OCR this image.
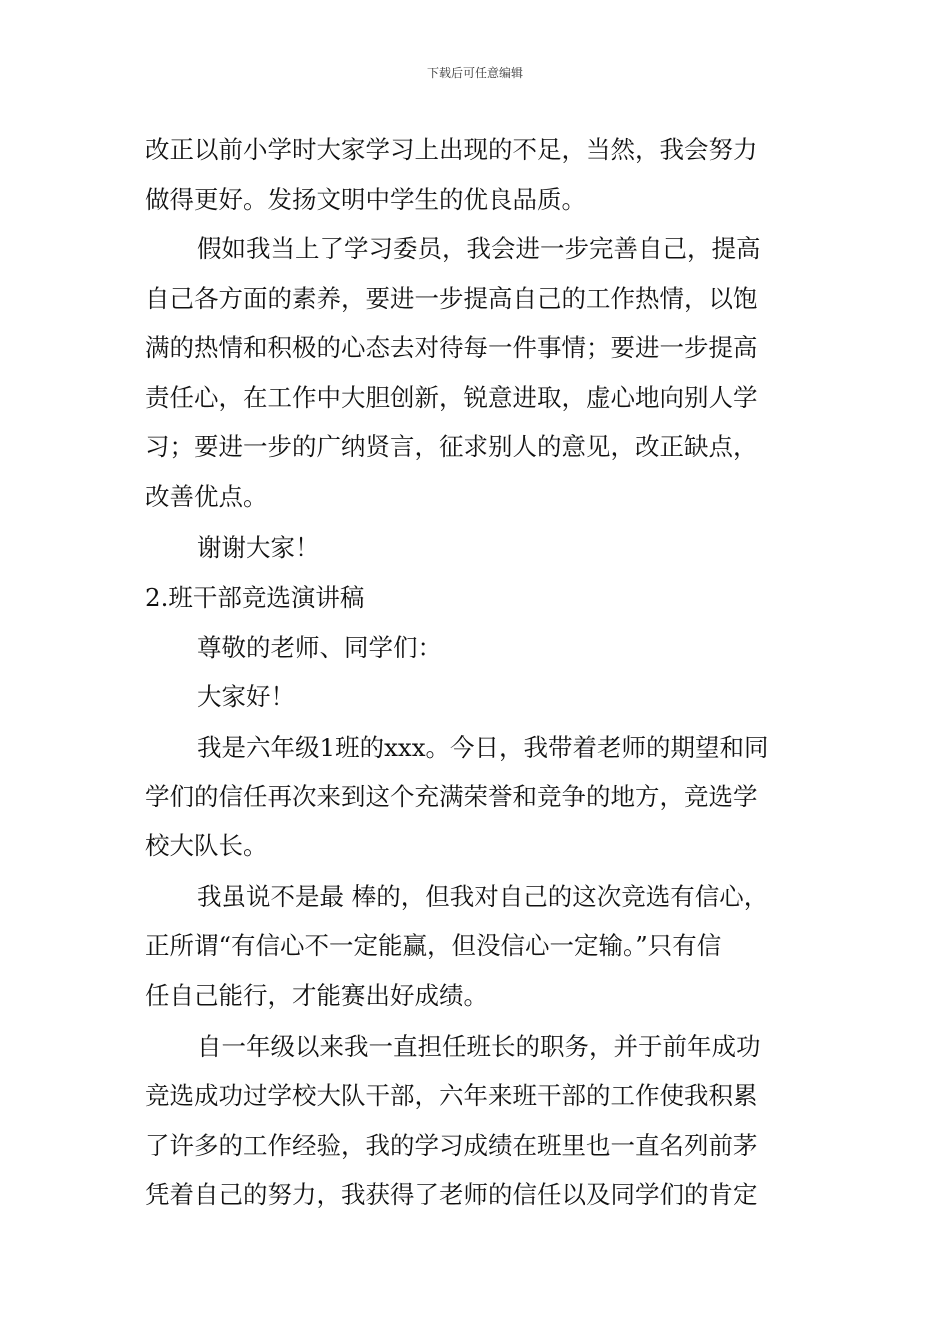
下载后可任意编辑
改正以前小学时大家学习上出现的不足，当然，我会努力
做得更好。发扬文明中学生的优良品质。
假如我当上了学习委员，我会进一步完善自己，提高
自己各方面的素养，要进一步提高自己的工作热情，以饱
满的热情和积极的心态去对待每一件事情；要进一步提高
责任心，在工作中大胆创新，锐意进取，虚心地向别人学
习；要进一步的广纳贤言，征求别人的意见，改正缺点，
改善优点。
谢谢大家！
2.班干部竞选演讲稿
尊敬的老师、同学们：
大家好！
我是六年级1班的xxx。今日，我带着老师的期望和同
学们的信任再次来到这个充满荣誉和竞争的地方，竞选学
校大队长。
我虽说不是最 棒的，但我对自己的这次竞选有信心，
正所谓“有信心不一定能赢，但没信心一定输。”只有信
任自己能行，才能赛出好成绩。
自一年级以来我一直担任班长的职务，并于前年成功
竞选成功过学校大队干部，六年来班干部的工作使我积累
了许多的工作经验，我的学习成绩在班里也一直名列前茅
凭着自己的努力，我获得了老师的信任以及同学们的肯定
